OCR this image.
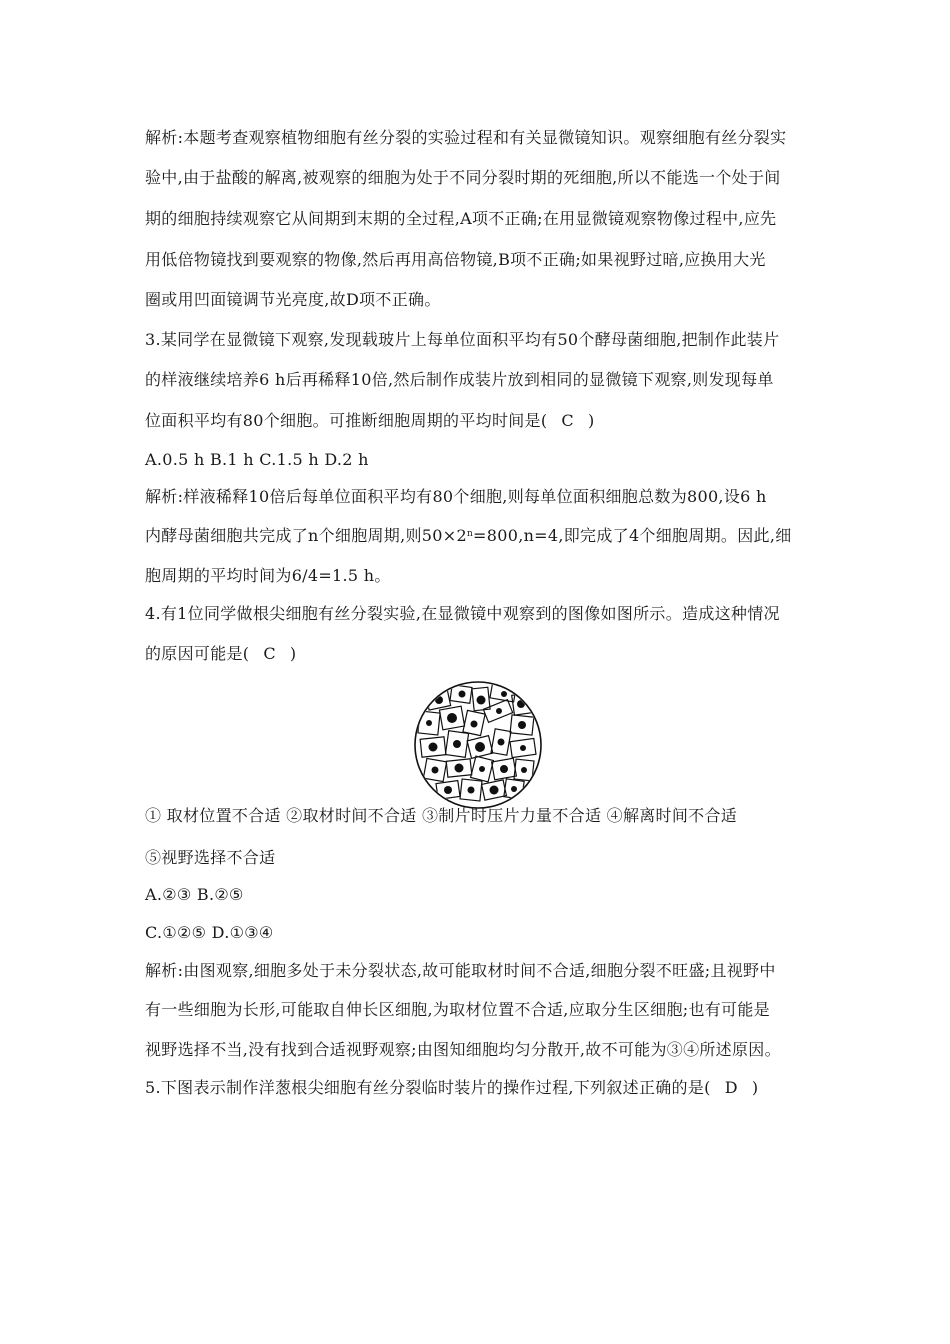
解析:本题考查观察植物细胞有丝分裂的实验过程和有关显微镜知识。观察细胞有丝分裂实
验中,由于盐酸的解离,被观察的细胞为处于不同分裂时期的死细胞,所以不能选一个处于间
期的细胞持续观察它从间期到末期的全过程,A项不正确;在用显微镜观察物像过程中,应先
用低倍物镜找到要观察的物像,然后再用高倍物镜,B项不正确;如果视野过暗,应换用大光
圈或用凹面镜调节光亮度,故D项不正确。
3.某同学在显微镜下观察,发现载玻片上每单位面积平均有50个酵母菌细胞,把制作此装片
的样液继续培养6 h后再稀释10倍,然后制作成装片放到相同的显微镜下观察,则发现每单
位面积平均有80个细胞。可推断细胞周期的平均时间是( C )
A.0.5 h B.1 h C.1.5 h D.2 h
解析:样液稀释10倍后每单位面积平均有80个细胞,则每单位面积细胞总数为800,设6 h
内酵母菌细胞共完成了n个细胞周期,则$50\times 2^n=800,n=4$,即完成了4个细胞周期。因此,细
胞周期的平均时间为6/4=1.5 h。
4.有1位同学做根尖细胞有丝分裂实验,在显微镜中观察到的图像如图所示。造成这种情况
的原因可能是( C )
① 取材位置不合适 ②取材时间不合适 ③制片时压片力量不合适 ④解离时间不合适
⑤视野选择不合适
A.②③ B.②⑤
C.①②⑤ D.①③④
解析:由图观察,细胞多处于未分裂状态,故可能取材时间不合适,细胞分裂不旺盛;且视野中
有一些细胞为长形,可能取自伸长区细胞,为取材位置不合适,应取分生区细胞;也有可能是
视野选择不当,没有找到合适视野观察;由图知细胞均匀分散开,故不可能为③④所述原因。
5.下图表示制作洋葱根尖细胞有丝分裂临时装片的操作过程,下列叙述正确的是( D )
